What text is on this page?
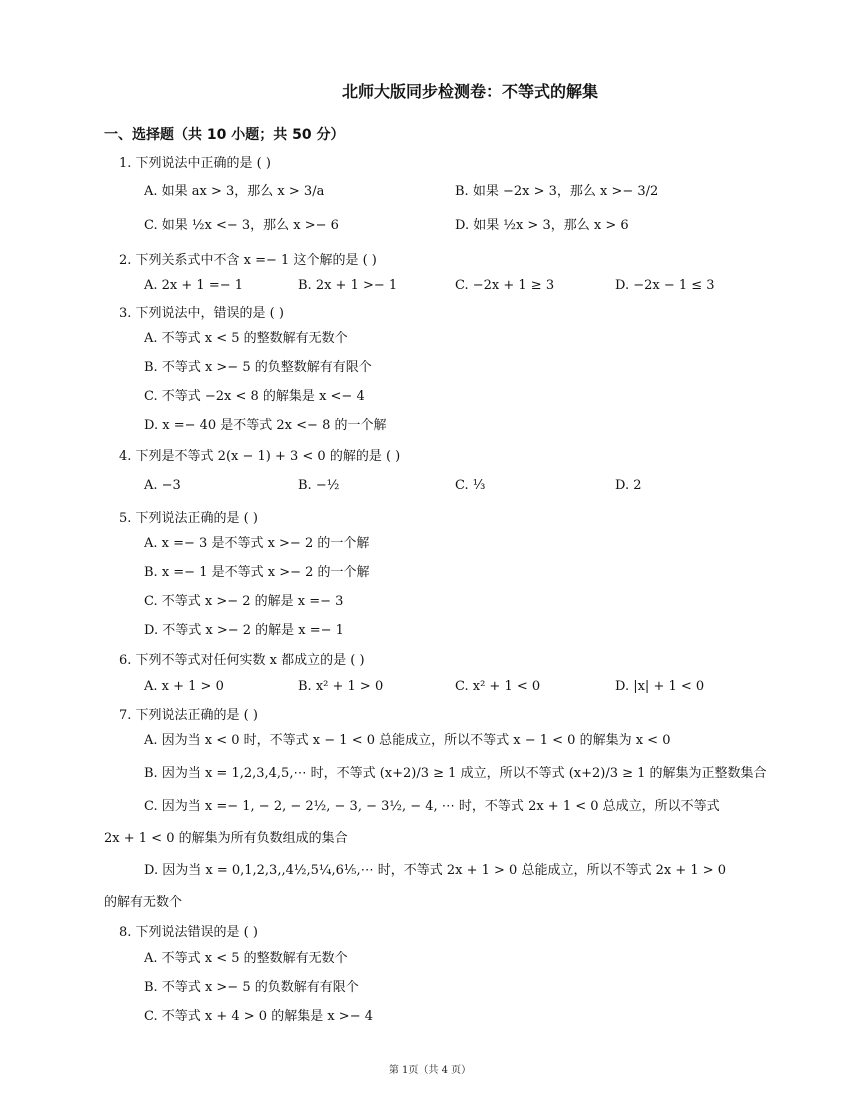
北师大版同步检测卷：不等式的解集
一、选择题（共 10 小题；共 50 分）
1. 下列说法中正确的是 ( )
A. 如果 ax > 3，那么 x > 3/a	B. 如果 −2x > 3，那么 x >− 3/2
C. 如果 ½x <− 3，那么 x >− 6	D. 如果 ½x > 3，那么 x > 6
2. 下列关系式中不含 x =− 1 这个解的是 ( )
A. 2x + 1 =− 1	B. 2x + 1 >− 1	C. −2x + 1 ≥ 3	D. −2x − 1 ≤ 3
3. 下列说法中，错误的是 ( )
A. 不等式 x < 5 的整数解有无数个
B. 不等式 x >− 5 的负整数解有有限个
C. 不等式 −2x < 8 的解集是 x <− 4
D. x =− 40 是不等式 2x <− 8 的一个解
4. 下列是不等式 2(x − 1) + 3 < 0 的解的是 ( )
A. −3	B. −½	C. ⅓	D. 2
5. 下列说法正确的是 ( )
A. x =− 3 是不等式 x >− 2 的一个解
B. x =− 1 是不等式 x >− 2 的一个解
C. 不等式 x >− 2 的解是 x =− 3
D. 不等式 x >− 2 的解是 x =− 1
6. 下列不等式对任何实数 x 都成立的是 ( )
A. x + 1 > 0	B. x² + 1 > 0	C. x² + 1 < 0	D. |x| + 1 < 0
7. 下列说法正确的是 ( )
A. 因为当 x < 0 时，不等式 x − 1 < 0 总能成立，所以不等式 x − 1 < 0 的解集为 x < 0
B. 因为当 x = 1,2,3,4,5,⋯ 时，不等式 (x+2)/3 ≥ 1 成立，所以不等式 (x+2)/3 ≥ 1 的解集为正整数集合
C. 因为当 x =− 1, − 2, − 2½, − 3, − 3½, − 4, ⋯ 时，不等式 2x + 1 < 0 总成立，所以不等式
2x + 1 < 0 的解集为所有负数组成的集合
D. 因为当 x = 0,1,2,3,,4½,5¼,6⅕,⋯ 时，不等式 2x + 1 > 0 总能成立，所以不等式 2x + 1 > 0
的解有无数个
8. 下列说法错误的是 ( )
A. 不等式 x < 5 的整数解有无数个
B. 不等式 x >− 5 的负数解有有限个
C. 不等式 x + 4 > 0 的解集是 x >− 4
第 1页（共 4 页）
